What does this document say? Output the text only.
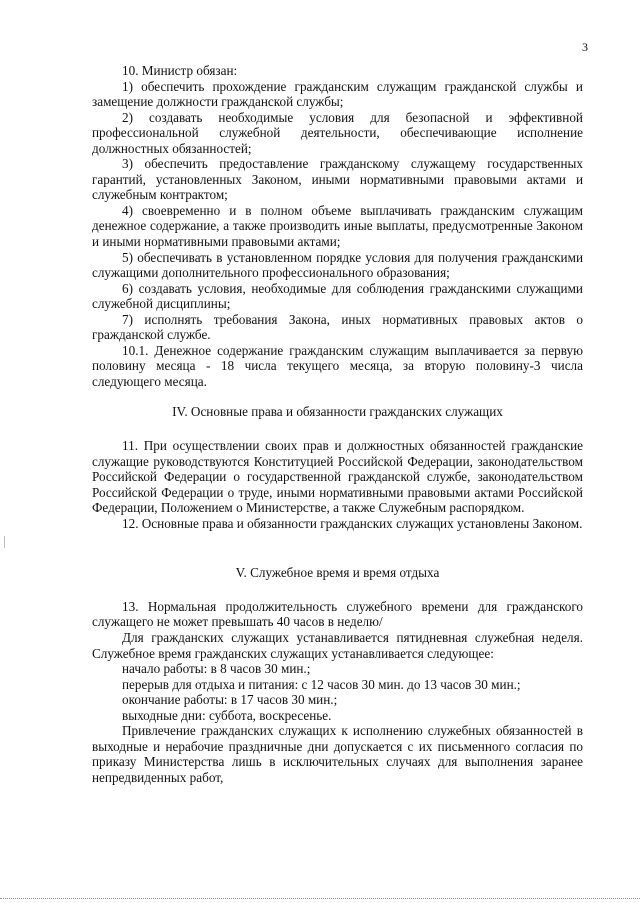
3

10. Министр обязан:

1) обеспечить прохождение гражданским служащим гражданской службы и замещение должности гражданской службы;

2) создавать необходимые условия для безопасной и эффективной профессиональной служебной деятельности, обеспечивающие исполнение должностных обязанностей;

3) обеспечить предоставление гражданскому служащему государственных гарантий, установленных Законом, иными нормативными правовыми актами и служебным контрактом;

4) своевременно и в полном объеме выплачивать гражданским служащим денежное содержание, а также производить иные выплаты, предусмотренные Законом и иными нормативными правовыми актами;

5) обеспечивать в установленном порядке условия для получения гражданскими служащими дополнительного профессионального образования;

6) создавать условия, необходимые для соблюдения гражданскими служащими служебной дисциплины;

7) исполнять требования Закона, иных нормативных правовых актов о гражданской службе.

10.1. Денежное содержание гражданским служащим выплачивается за первую половину месяца - 18 числа текущего месяца, за вторую половину-3 числа следующего месяца.

IV. Основные права и обязанности гражданских служащих

11. При осуществлении своих прав и должностных обязанностей гражданские служащие руководствуются Конституцией Российской Федерации, законодательством Российской Федерации о государственной гражданской службе, законодательством Российской Федерации о труде, иными нормативными правовыми актами Российской Федерации, Положением о Министерстве, а также Служебным распорядком.

12. Основные права и обязанности гражданских служащих установлены Законом.

V. Служебное время и время отдыха

13. Нормальная продолжительность служебного времени для гражданского служащего не может превышать 40 часов в неделю/

Для гражданских служащих устанавливается пятидневная служебная неделя. Служебное время гражданских служащих устанавливается следующее:

начало работы: в 8 часов 30 мин.;

перерыв для отдыха и питания: с 12 часов 30 мин. до 13 часов 30 мин.;

окончание работы: в 17 часов 30 мин.;

выходные дни: суббота, воскресенье.

Привлечение гражданских служащих к исполнению служебных обязанностей в выходные и нерабочие праздничные дни допускается с их письменного согласия по приказу Министерства лишь в исключительных случаях для выполнения заранее непредвиденных работ,
